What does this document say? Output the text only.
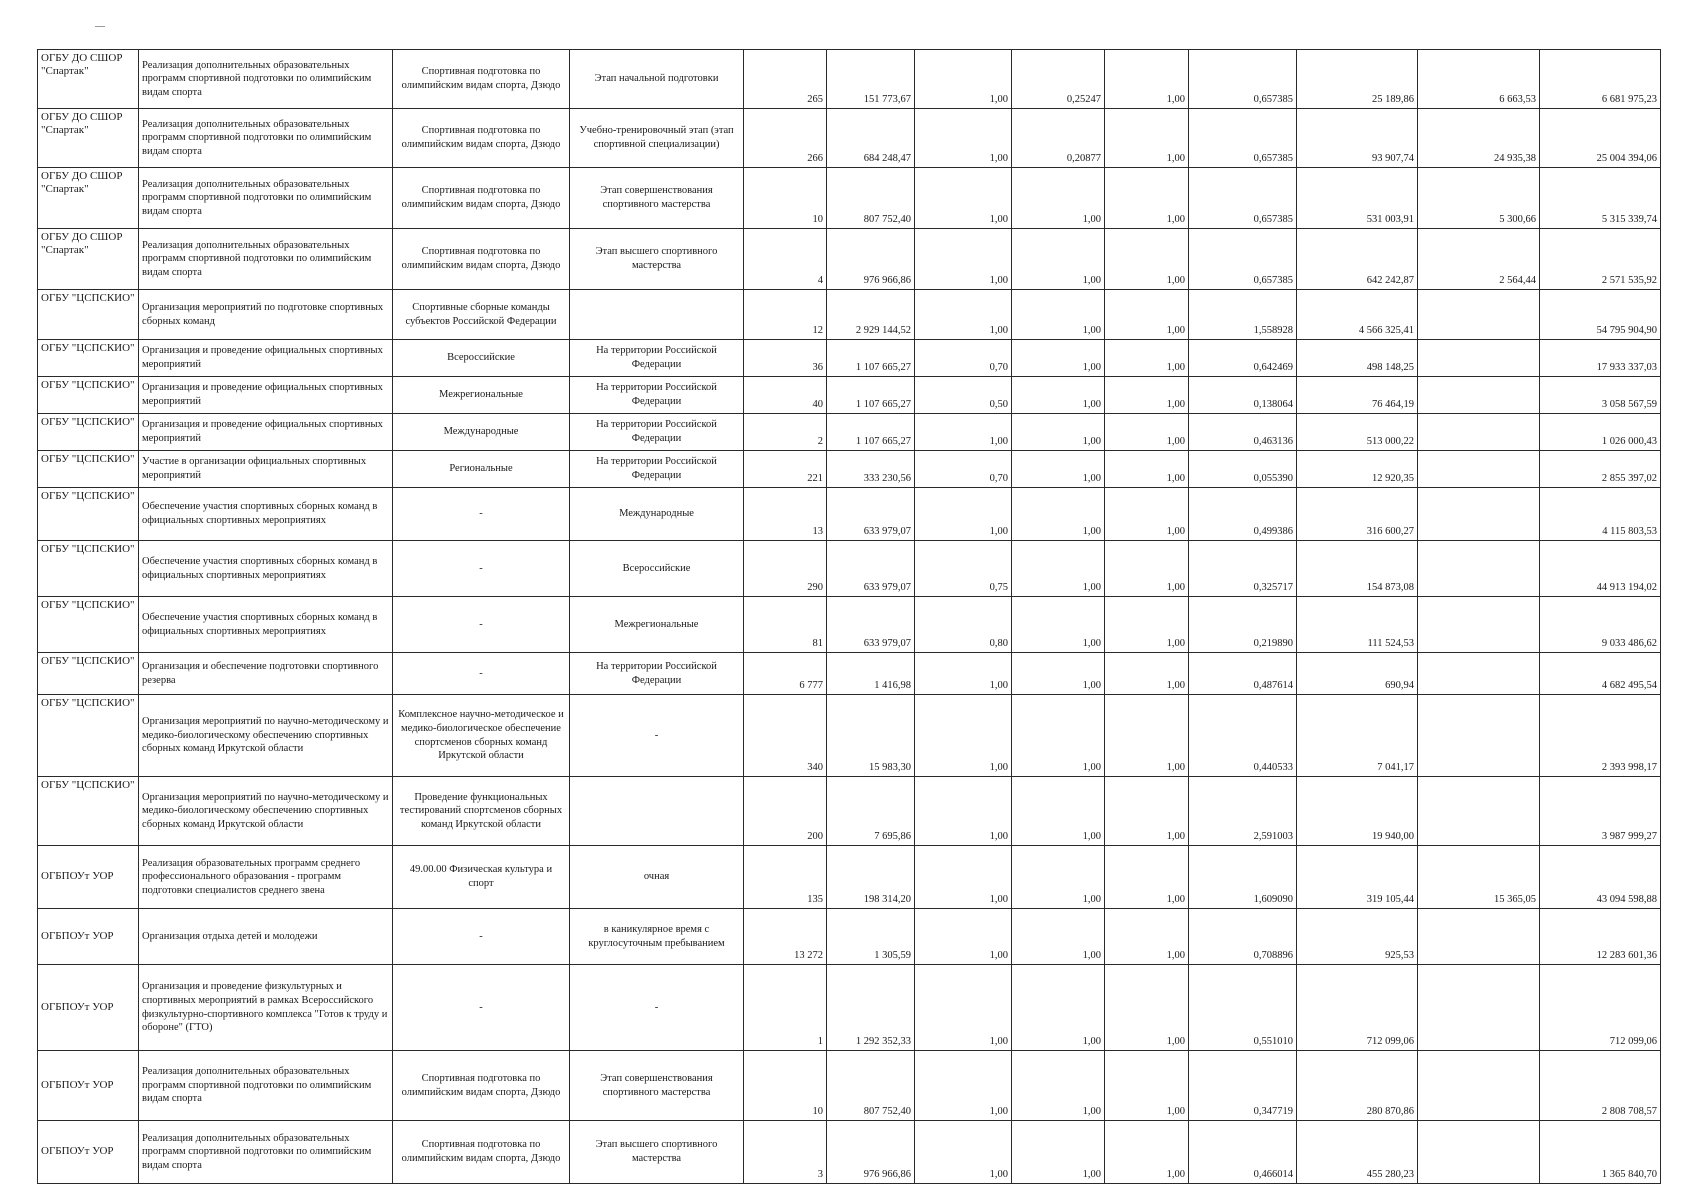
ОГБУ ДО СШОР "Спартак"	Реализация дополнительных образовательных программ спортивной подготовки по олимпийским видам спорта	Спортивная подготовка по олимпийским видам спорта, Дзюдо	Этап начальной подготовки	265	151 773,67	1,00	0,25247	1,00	0,657385	25 189,86	6 663,53	6 681 975,23
ОГБУ ДО СШОР "Спартак"	Реализация дополнительных образовательных программ спортивной подготовки по олимпийским видам спорта	Спортивная подготовка по олимпийским видам спорта, Дзюдо	Учебно-тренировочный этап (этап спортивной специализации)	266	684 248,47	1,00	0,20877	1,00	0,657385	93 907,74	24 935,38	25 004 394,06
ОГБУ ДО СШОР "Спартак"	Реализация дополнительных образовательных программ спортивной подготовки по олимпийским видам спорта	Спортивная подготовка по олимпийским видам спорта, Дзюдо	Этап совершенствования спортивного мастерства	10	807 752,40	1,00	1,00	1,00	0,657385	531 003,91	5 300,66	5 315 339,74
ОГБУ ДО СШОР "Спартак"	Реализация дополнительных образовательных программ спортивной подготовки по олимпийским видам спорта	Спортивная подготовка по олимпийским видам спорта, Дзюдо	Этап высшего спортивного мастерства	4	976 966,86	1,00	1,00	1,00	0,657385	642 242,87	2 564,44	2 571 535,92
ОГБУ "ЦСПСКИО"	Организация мероприятий по подготовке спортивных сборных команд	Спортивные сборные команды субъектов Российской Федерации		12	2 929 144,52	1,00	1,00	1,00	1,558928	4 566 325,41		54 795 904,90
ОГБУ "ЦСПСКИО"	Организация и проведение официальных спортивных мероприятий	Всероссийские	На территории Российской Федерации	36	1 107 665,27	0,70	1,00	1,00	0,642469	498 148,25		17 933 337,03
ОГБУ "ЦСПСКИО"	Организация и проведение официальных спортивных мероприятий	Межрегиональные	На территории Российской Федерации	40	1 107 665,27	0,50	1,00	1,00	0,138064	76 464,19		3 058 567,59
ОГБУ "ЦСПСКИО"	Организация и проведение официальных спортивных мероприятий	Международные	На территории Российской Федерации	2	1 107 665,27	1,00	1,00	1,00	0,463136	513 000,22		1 026 000,43
ОГБУ "ЦСПСКИО"	Участие в организации официальных спортивных мероприятий	Региональные	На территории Российской Федерации	221	333 230,56	0,70	1,00	1,00	0,055390	12 920,35		2 855 397,02
ОГБУ "ЦСПСКИО"	Обеспечение участия спортивных сборных команд в официальных спортивных мероприятиях	-	Международные	13	633 979,07	1,00	1,00	1,00	0,499386	316 600,27		4 115 803,53
ОГБУ "ЦСПСКИО"	Обеспечение участия спортивных сборных команд в официальных спортивных мероприятиях	-	Всероссийские	290	633 979,07	0,75	1,00	1,00	0,325717	154 873,08		44 913 194,02
ОГБУ "ЦСПСКИО"	Обеспечение участия спортивных сборных команд в официальных спортивных мероприятиях	-	Межрегиональные	81	633 979,07	0,80	1,00	1,00	0,219890	111 524,53		9 033 486,62
ОГБУ "ЦСПСКИО"	Организация и обеспечение подготовки спортивного резерва	-	На территории Российской Федерации	6 777	1 416,98	1,00	1,00	1,00	0,487614	690,94		4 682 495,54
ОГБУ "ЦСПСКИО"	Организация мероприятий по научно-методическому и медико-биологическому обеспечению спортивных сборных команд Иркутской области	Комплексное научно-методическое и медико-биологическое обеспечение спортсменов сборных команд Иркутской области	-	340	15 983,30	1,00	1,00	1,00	0,440533	7 041,17		2 393 998,17
ОГБУ "ЦСПСКИО"	Организация мероприятий по научно-методическому и медико-биологическому обеспечению спортивных сборных команд Иркутской области	Проведение функциональных тестирований спортсменов сборных команд Иркутской области		200	7 695,86	1,00	1,00	1,00	2,591003	19 940,00		3 987 999,27
ОГБПОУт УОР	Реализация образовательных программ среднего профессионального образования - программ подготовки специалистов среднего звена	49.00.00 Физическая культура и спорт	очная	135	198 314,20	1,00	1,00	1,00	1,609090	319 105,44	15 365,05	43 094 598,88
ОГБПОУт УОР	Организация отдыха детей и молодежи	-	в каникулярное время с круглосуточным пребыванием	13 272	1 305,59	1,00	1,00	1,00	0,708896	925,53		12 283 601,36
ОГБПОУт УОР	Организация и проведение физкультурных и спортивных мероприятий в рамках Всероссийского физкультурно-спортивного комплекса "Готов к труду и обороне" (ГТО)	-	-	1	1 292 352,33	1,00	1,00	1,00	0,551010	712 099,06		712 099,06
ОГБПОУт УОР	Реализация дополнительных образовательных программ спортивной подготовки по олимпийским видам спорта	Спортивная подготовка по олимпийским видам спорта, Дзюдо	Этап совершенствования спортивного мастерства	10	807 752,40	1,00	1,00	1,00	0,347719	280 870,86		2 808 708,57
ОГБПОУт УОР	Реализация дополнительных образовательных программ спортивной подготовки по олимпийским видам спорта	Спортивная подготовка по олимпийским видам спорта, Дзюдо	Этап высшего спортивного мастерства	3	976 966,86	1,00	1,00	1,00	0,466014	455 280,23		1 365 840,70
